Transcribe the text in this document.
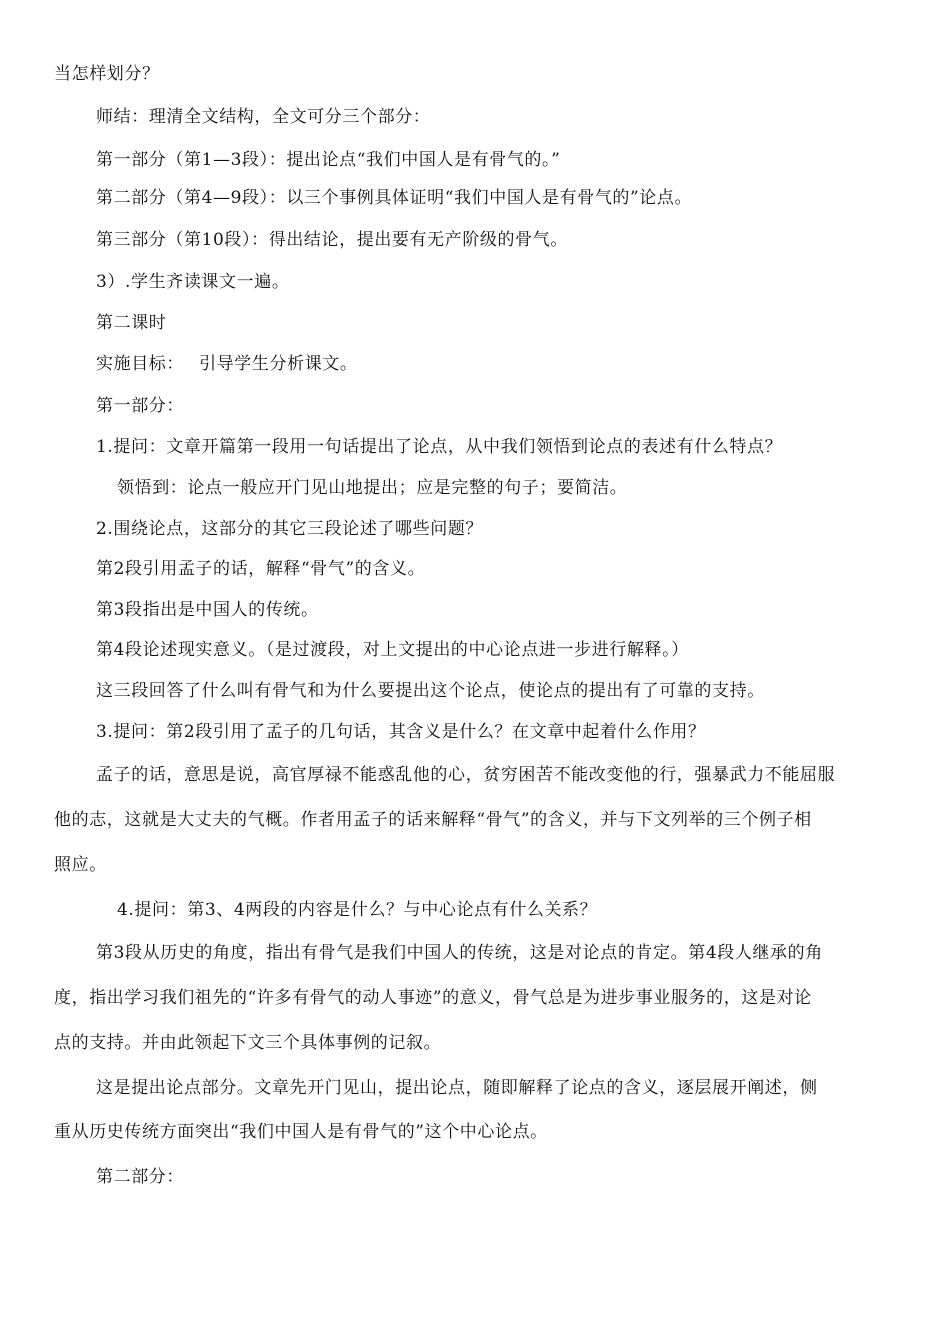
当怎样划分？
师结：理清全文结构，全文可分三个部分：
第一部分（第1—3段）：提出论点“我们中国人是有骨气的。”
第二部分（第4—9段）：以三个事例具体证明“我们中国人是有骨气的”论点。
第三部分（第10段）：得出结论，提出要有无产阶级的骨气。
3）.学生齐读课文一遍。
第二课时
实施目标：　 引导学生分析课文。
第一部分：
1.提问：文章开篇第一段用一句话提出了论点，从中我们领悟到论点的表述有什么特点？
领悟到：论点一般应开门见山地提出；应是完整的句子；要简洁。
2.围绕论点，这部分的其它三段论述了哪些问题？
第2段引用孟子的话，解释“骨气”的含义。
第3段指出是中国人的传统。
第4段论述现实意义。（是过渡段，对上文提出的中心论点进一步进行解释。）
这三段回答了什么叫有骨气和为什么要提出这个论点，使论点的提出有了可靠的支持。
3.提问：第2段引用了孟子的几句话，其含义是什么？在文章中起着什么作用？
孟子的话，意思是说，高官厚禄不能惑乱他的心，贫穷困苦不能改变他的行，强暴武力不能屈服
他的志，这就是大丈夫的气概。作者用孟子的话来解释“骨气”的含义，并与下文列举的三个例子相
照应。
4.提问：第3、4两段的内容是什么？与中心论点有什么关系？
第3段从历史的角度，指出有骨气是我们中国人的传统，这是对论点的肯定。第4段人继承的角
度，指出学习我们祖先的“许多有骨气的动人事迹”的意义，骨气总是为进步事业服务的，这是对论
点的支持。并由此领起下文三个具体事例的记叙。
这是提出论点部分。文章先开门见山，提出论点，随即解释了论点的含义，逐层展开阐述，侧
重从历史传统方面突出“我们中国人是有骨气的”这个中心论点。
第二部分：
